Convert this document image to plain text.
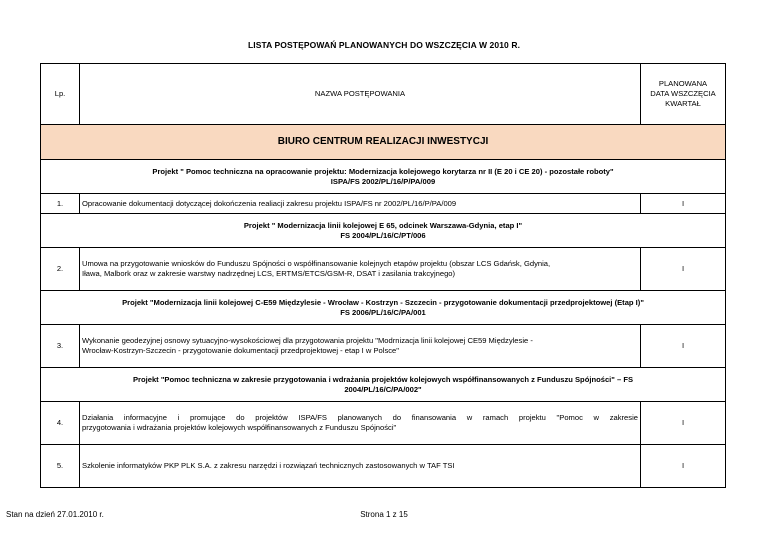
LISTA POSTĘPOWAŃ PLANOWANYCH DO WSZCZĘCIA W 2010 R.
Lp.	NAZWA POSTĘPOWANIA	PLANOWANA
DATA WSZCZĘCIA
KWARTAŁ

BIURO CENTRUM REALIZACJI INWESTYCJI		

Projekt " Pomoc techniczna na opracowanie projektu: Modernizacja kolejowego korytarza nr II (E 20 i CE 20) - pozostałe roboty"
ISPA/FS 2002/PL/16/P/PA/009		

1.	Opracowanie dokumentacji dotyczącej dokończenia realiacji zakresu projektu ISPA/FS nr 2002/PL/16/P/PA/009	I

Projekt " Modernizacja linii kolejowej E 65, odcinek Warszawa-Gdynia, etap I"
FS 2004/PL/16/C/PT/006		

2.	Umowa na przygotowanie wniosków do Funduszu Spójności o współfinansowanie kolejnych etapów projektu (obszar LCS Gdańsk, Gdynia,
Iława, Malbork oraz w zakresie warstwy nadrzędnej LCS, ERTMS/ETCS/GSM-R, DSAT i zasilania trakcyjnego)	I

Projekt "Modernizacja linii kolejowej C-E59 Międzylesie - Wrocław - Kostrzyn - Szczecin - przygotowanie dokumentacji przedprojektowej (Etap I)"
FS 2006/PL/16/C/PA/001		

3.	Wykonanie geodezyjnej osnowy sytuacyjno-wysokościowej dla przygotowania projektu "Modrnizacja linii kolejowej CE59 Międzylesie -
Wrocław-Kostrzyn-Szczecin - przygotowanie dokumentacji przedprojektowej - etap I w Polsce"	I

Projekt "Pomoc techniczna w zakresie przygotowania i wdrażania projektów kolejowych współfinansowanych z Funduszu Spójności" – FS
2004/PL/16/C/PA/002"		

4.	Działania informacyjne i promujące do projektów ISPA/FS planowanych do finansowania w ramach projektu "Pomoc w zakresie
przygotowania i wdrażania projektów kolejowych współfinansowanych z Funduszu Spójności"	I
5.	Szkolenie informatyków PKP PLK S.A. z zakresu narzędzi i rozwiązań technicznych zastosowanych w TAF TSI	I
Stan na dzień 27.01.2010 r.	Strona 1 z 15
